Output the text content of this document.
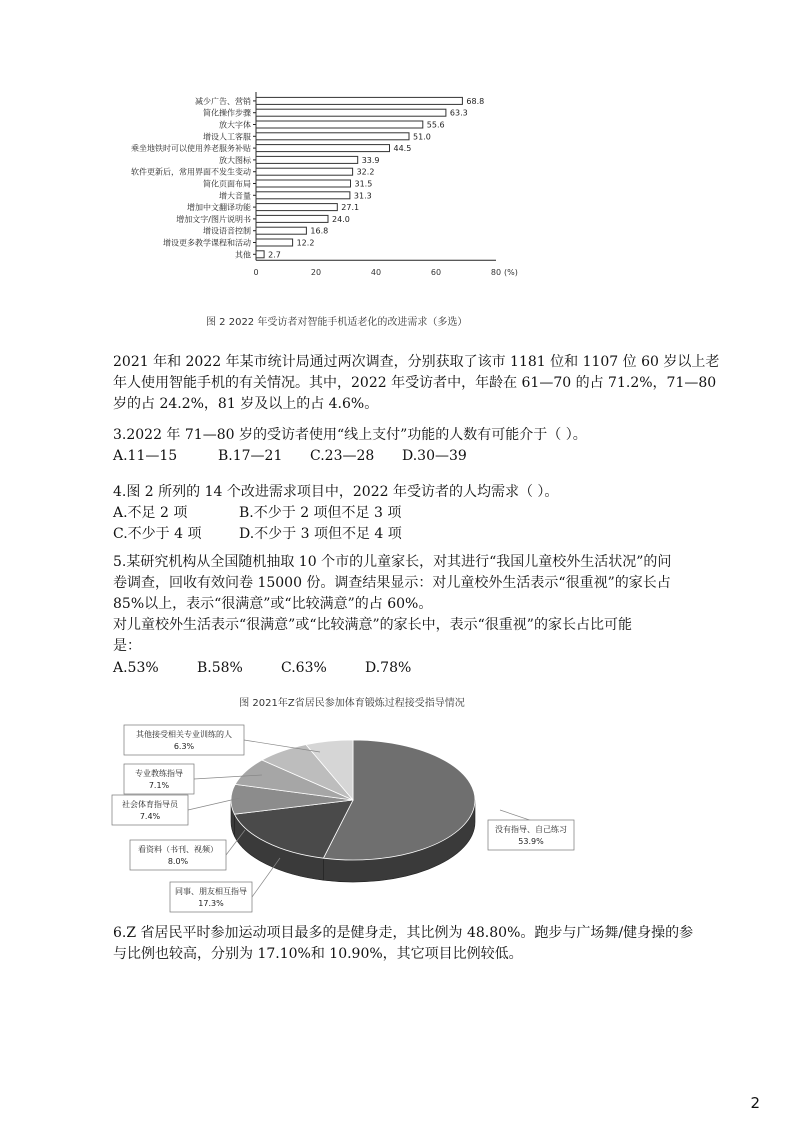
减少广告、营销	68.8
简化操作步骤	63.3
放大字体	55.6
增设人工客服	51.0
乘坐地铁时可以使用养老服务补贴	44.5
放大图标	33.9
软件更新后，常用界面不发生变动	32.2
简化页面布局	31.5
增大音量	31.3
增加中文翻译功能	27.1
增加文字/图片说明书	24.0
增设语音控制	16.8
增设更多教学课程和活动	12.2
其他 2.7
0	20	40	60	80 (%)
图 2 2022 年受访者对智能手机适老化的改进需求（多选）
2021 年和 2022 年某市统计局通过两次调查，分别获取了该市 1181 位和 1107 位 60 岁以上老
年人使用智能手机的有关情况。其中，2022 年受访者中，年龄在 61—70 的占 71.2%，71—80
岁的占 24.2%，81 岁及以上的占 4.6%。
3.2022 年 71—80 岁的受访者使用“线上支付”功能的人数有可能介于（ ）。
A.11—15	B.17—21 C.23—28 D.30—39
4.图 2 所列的 14 个改进需求项目中，2022 年受访者的人均需求（ ）。
A.不足 2 项	B.不少于 2 项但不足 3 项
C.不少于 4 项	D.不少于 3 项但不足 4 项
5.某研究机构从全国随机抽取 10 个市的儿童家长，对其进行“我国儿童校外生活状况”的问
卷调查，回收有效问卷 15000 份。调查结果显示：对儿童校外生活表示“很重视”的家长占
85%以上，表示“很满意”或“比较满意”的占 60%。
对儿童校外生活表示“很满意”或“比较满意”的家长中，表示“很重视”的家长占比可能
是：
A.53%	B.58%	C.63%	D.78%
图 2021年Z省居民参加体育锻炼过程接受指导情况
没有指导、自己练习
53.9%
同事、朋友相互指导
17.3%
看资料（书刊、视频）
8.0%
社会体育指导员
7.4%
专业教练指导
7.1%
其他接受相关专业训练的人
6.3%
6.Z 省居民平时参加运动项目最多的是健身走，其比例为 48.80%。跑步与广场舞/健身操的参
与比例也较高，分别为 17.10%和 10.90%，其它项目比例较低。
2
